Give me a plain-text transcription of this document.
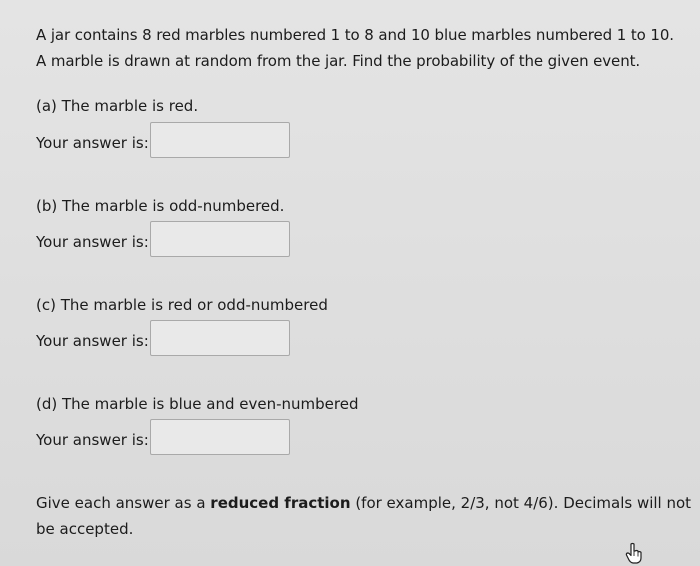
A jar contains 8 red marbles numbered 1 to 8 and 10 blue marbles numbered 1 to 10.
A marble is drawn at random from the jar. Find the probability of the given event.
(a) The marble is red.
Your answer is:
(b) The marble is odd-numbered.
Your answer is:
(c) The marble is red or odd-numbered
Your answer is:
(d) The marble is blue and even-numbered
Your answer is:
Give each answer as a reduced fraction (for example, 2/3, not 4/6). Decimals will not
be accepted.
